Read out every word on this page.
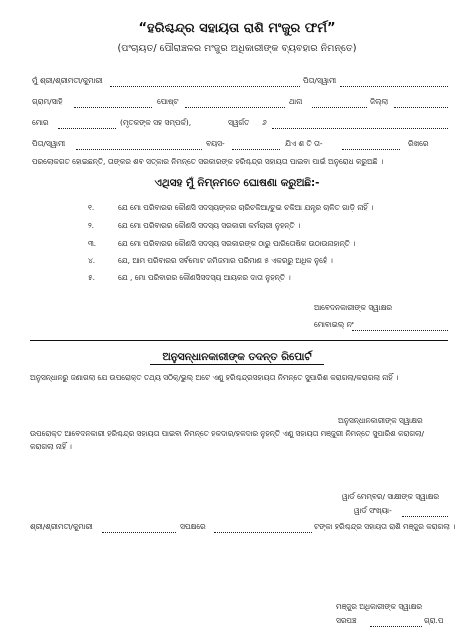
“ହରିଶ୍ଚନ୍ଦ୍ର ସହାୟତା ରାଶି ମଂଜୁର ଫର୍ମ”
(ପଂଚାୟତ/ ପୌରାଞ୍ଚଳର ମଂଜୁର ଅଧିକାରୀଙ୍କ ବ୍ୟବହାର ନିମନ୍ତେ)
ମୁଁ ଶ୍ରୀ/ଶ୍ରୀମତୀ/କୁମାରୀ	ପିତା/ସ୍ୱାମୀ
ଗ୍ରାମ/ସାହି	ପୋଷ୍ଟ	ଥାନା	ଜିଲ୍ଲା
ମୋର	(ମୃତକଙ୍କ ସହ ସମ୍ପର୍କ),	ସ୍ୱର୍ଗତ ୬
ପିତା/ସ୍ୱାମୀ	ବୟସ-	ଯିଏ ଶ ତି ତା-	ରିଖରେ
ପରଲୋକଗତ ହୋଇଛନ୍ତି, ତାଙ୍କର ଶବ ସତ୍କାର ନିମନ୍ତେ ସରକାରଙ୍କ ହରିଶ୍ଚନ୍ଦ୍ର ସହାୟତା ପାଇବା ପାଇଁ ଅନୁରୋଧ କରୁଅଛି ।
ଏଥିସହ ମୁଁ ନିମ୍ନମତେ ଘୋଷଣା କରୁଅଛି:-
୧.	ଯେ ମୋ ପରିବାରର କୌଣସି ସଦସ୍ୟଙ୍କର ଚାରିଚକିଆ/ଚୁଇ ଚକିଆ ଯନ୍ତ୍ର ଚାଳିତ ଗାଡ଼ି ନାହିଁ ।
୨.	ଯେ ମୋ ପରିବାରର କୌଣସି ସଦସ୍ୟ ସରକାରୀ କର୍ମଚାରୀ ନୁହନ୍ତି ।
୩.	ଯେ ମୋ ପରିବାରର କୌଣସି ସଦସ୍ୟ ସରକାରଙ୍କ ଠାରୁ ପାରିତୋଷିକ ଉଠାଉନାହାନ୍ତି ।
୪.	ଯେ, ଆମ ପରିବାରର ସର୍ବମୋଟ ଜମିଜମାର ପରିମାଣ ୫ ଏକରରୁ ଅଧିକ ନୁହେଁ ।
୫.	ଯେ , ମୋ ପରିବାରର କୌଣସିସଦସ୍ୟ ଆୟକର ଦାତା ନୁହନ୍ତି ।
ଆବେଦନକାରୀଙ୍କ ସ୍ୱାକ୍ଷର
ମୋବାଇଲ୍ ନଂ
ଅନୁସନ୍ଧାନକାରୀଙ୍କ ତଦନ୍ତ ରିପୋର୍ଟ
ଅନୁସନ୍ଧାନରୁ ଜଣାଗଲା ଯେ ଉପରୋକ୍ତ ତଥ୍ୟ ସଠିକ୍/ଭୁଲ୍ ଅଟେ ଏଣୁ ହରିଶ୍ଚନ୍ଦ୍ରସହାୟତା ନିମନ୍ତେ ସୁପାରିଶ କରାଗଲା/କରାଗଲା ନାହିଁ ।
ଅନୁସନ୍ଧାନକାରୀଙ୍କ ସ୍ୱାକ୍ଷର
ଉପରୋକ୍ତ ଆବେଦନକାରୀ ହରିଶ୍ଚନ୍ଦ୍ର ସହାୟତା ପାଇବା ନିମନ୍ତେ ହକଦାର/ହକଦାର ନୁହନ୍ତି ଏଣୁ ସହାୟତା ମଞ୍ଜୁରୀ ନିମନ୍ତେ ସୁପାରିଶ କରାଗଲା/
କରାଗଲା ନାହିଁ ।
ୱାର୍ଡ ମେମ୍ବର/ ସାକ୍ଷୀଙ୍କ ସ୍ୱାକ୍ଷର
ୱାର୍ଡ ସଂଖ୍ୟା-
ଶ୍ରୀ/ଶ୍ରୀମତୀ/କୁମାରୀ	ସପକ୍ଷରେ	ଟଙ୍କା ହରିଶ୍ଚନ୍ଦ୍ର ସହାୟତା ରାଶି ମଞ୍ଜୁର କରାଗଲା ।
ମଞ୍ଜୁର ଅଧିକାରୀଙ୍କ ସ୍ୱାକ୍ଷର
ସରପଞ୍ଚ	ଗ୍ରା.ପ
